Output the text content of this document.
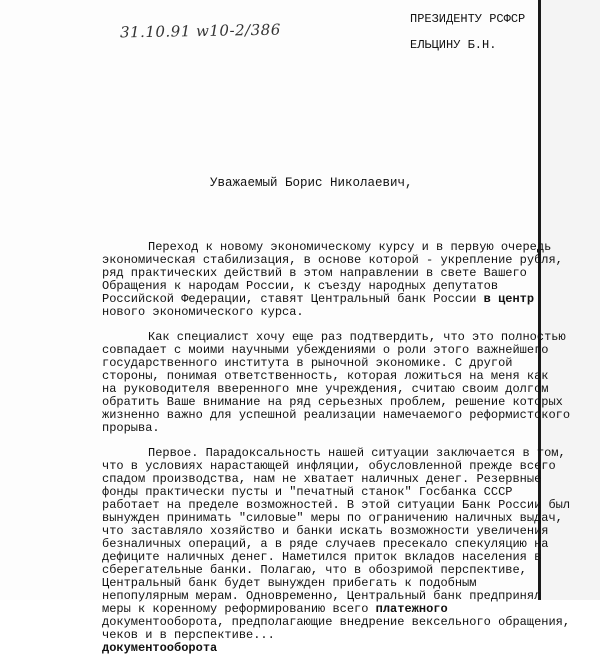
31.10.91 w10-2/386
ПРЕЗИДЕНТУ РСФСР
ЕЛЬЦИНУ Б.Н.
Уважаемый Борис Николаевич,
Переход к новому экономическому курсу и в первую очередь
экономическая стабилизация, в основе которой - укрепление рубля,
ряд практических действий в этом направлении в свете Вашего
Обращения к народам России, к съезду народных депутатов
Российской Федерации, ставят Центральный банк России в центр
нового экономического курса.
Как специалист хочу еще раз подтвердить, что это полностью
совпадает с моими научными убеждениями о роли этого важнейшего
государственного института в рыночной экономике. С другой
стороны, понимая ответственность, которая ложиться на меня как
на руководителя вверенного мне учреждения, считаю своим долгом
обратить Ваше внимание на ряд серьезных проблем, решение которых
жизненно важно для успешной реализации намечаемого реформистского
прорыва.
Первое. Парадоксальность нашей ситуации заключается в том,
что в условиях нарастающей инфляции, обусловленной прежде всего
спадом производства, нам не хватает наличных денег. Резервные
фонды практически пусты и "печатный станок" Госбанка СССР
работает на пределе возможностей. В этой ситуации Банк России был
вынужден принимать "силовые" меры по ограничению наличных выдач,
что заставляло хозяйство и банки искать возможности увеличения
безналичных операций, а в ряде случаев пресекало спекуляцию на
дефиците наличных денег. Наметился приток вкладов населения в
сберегательные банки. Полагаю, что в обозримой перспективе,
Центральный банк будет вынужден прибегать к подобным
непопулярным мерам. Одновременно, Центральный банк предпринял
меры к коренному реформированию всего платежного
документооборота, предполагающие внедрение вексельного обращения,
чеков и в перспективе...
документооборота
